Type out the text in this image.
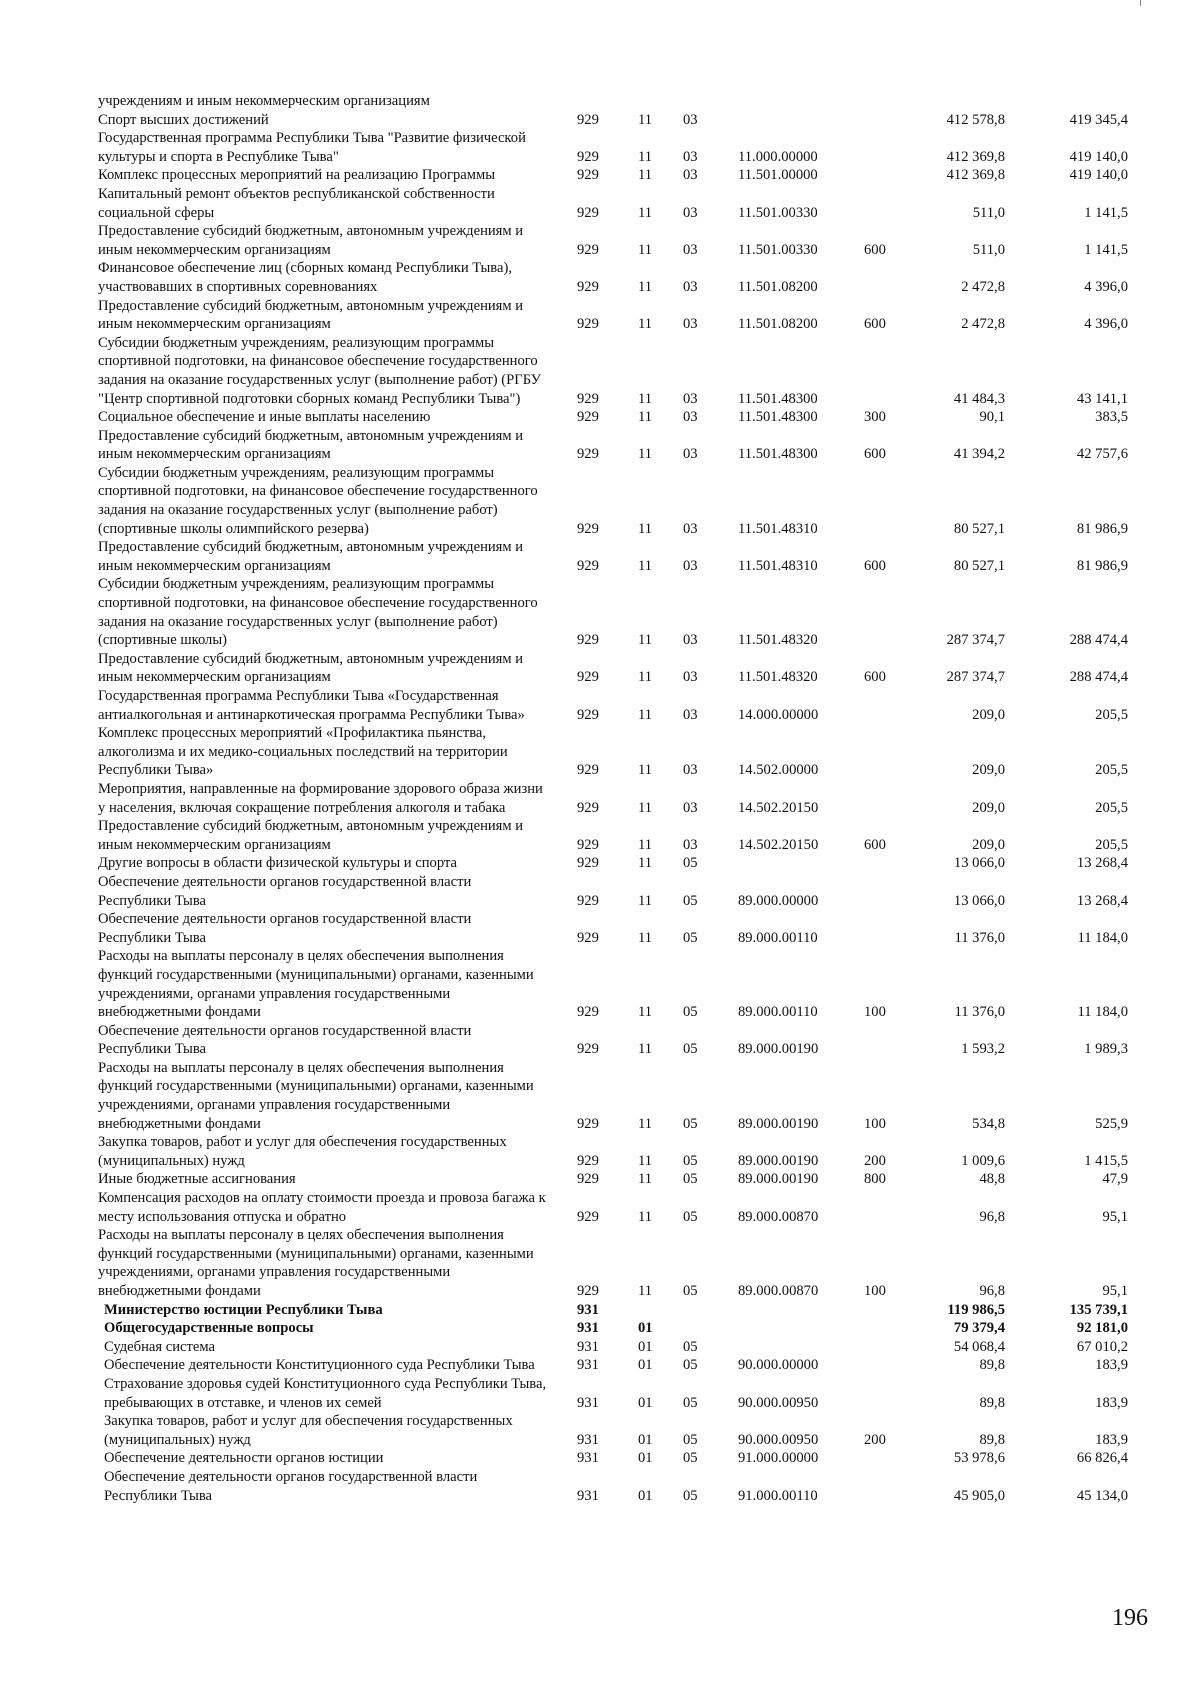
учреждениям и иным некоммерческим организациям
Спорт высших достижений	929	11 03	412 578,8	419 345,4
Государственная программа Республики Тыва "Развитие физической культуры и спорта в Республике Тыва"	929	11 03	11.000.00000	412 369,8	419 140,0
Комплекс процессных мероприятий на реализацию Программы	929	11 03	11.501.00000	412 369,8	419 140,0
Капитальный ремонт объектов республиканской собственности социальной сферы	929	11 03	11.501.00330	511,0	1 141,5
Предоставление субсидий бюджетным, автономным учреждениям и иным некоммерческим организациям	929	11 03	11.501.00330	600	511,0	1 141,5
Финансовое обеспечение лиц (сборных команд Республики Тыва), участвовавших в спортивных соревнованиях	929	11 03	11.501.08200	2 472,8	4 396,0
Предоставление субсидий бюджетным, автономным учреждениям и иным некоммерческим организациям	929	11 03	11.501.08200	600	2 472,8	4 396,0
Субсидии бюджетным учреждениям, реализующим программы спортивной подготовки, на финансовое обеспечение государственного задания на оказание государственных услуг (выполнение работ) (РГБУ "Центр спортивной подготовки сборных команд Республики Тыва")	929	11 03	11.501.48300	41 484,3	43 141,1
Социальное обеспечение и иные выплаты населению	929	11 03	11.501.48300	300	90,1	383,5
Предоставление субсидий бюджетным, автономным учреждениям и иным некоммерческим организациям	929	11 03	11.501.48300	600	41 394,2	42 757,6
Субсидии бюджетным учреждениям, реализующим программы спортивной подготовки, на финансовое обеспечение государственного задания на оказание государственных услуг (выполнение работ) (спортивные школы олимпийского резерва)	929	11 03	11.501.48310	80 527,1	81 986,9
Предоставление субсидий бюджетным, автономным учреждениям и иным некоммерческим организациям	929	11 03	11.501.48310	600	80 527,1	81 986,9
Субсидии бюджетным учреждениям, реализующим программы спортивной подготовки, на финансовое обеспечение государственного задания на оказание государственных услуг (выполнение работ) (спортивные школы)	929	11 03	11.501.48320	287 374,7	288 474,4
Предоставление субсидий бюджетным, автономным учреждениям и иным некоммерческим организациям	929	11 03	11.501.48320	600	287 374,7	288 474,4
Государственная программа Республики Тыва «Государственная антиалкогольная и антинаркотическая программа Республики Тыва»	929	11 03	14.000.00000	209,0	205,5
Комплекс процессных мероприятий «Профилактика пьянства, алкоголизма и их медико-социальных последствий на территории Республики Тыва»	929	11 03	14.502.00000	209,0	205,5
Мероприятия, направленные на формирование здорового образа жизни у населения, включая сокращение потребления алкоголя и табака	929	11 03	14.502.20150	209,0	205,5
Предоставление субсидий бюджетным, автономным учреждениям и иным некоммерческим организациям	929	11 03	14.502.20150	600	209,0	205,5
Другие вопросы в области физической культуры и спорта	929	11 05	13 066,0	13 268,4
Обеспечение деятельности органов государственной власти Республики Тыва	929	11 05	89.000.00000	13 066,0	13 268,4
Обеспечение деятельности органов государственной власти Республики Тыва	929	11 05	89.000.00110	11 376,0	11 184,0
Расходы на выплаты персоналу в целях обеспечения выполнения функций государственными (муниципальными) органами, казенными учреждениями, органами управления государственными внебюджетными фондами	929	11 05	89.000.00110	100	11 376,0	11 184,0
Обеспечение деятельности органов государственной власти Республики Тыва	929	11 05	89.000.00190	1 593,2	1 989,3
Расходы на выплаты персоналу в целях обеспечения выполнения функций государственными (муниципальными) органами, казенными учреждениями, органами управления государственными внебюджетными фондами	929	11 05	89.000.00190	100	534,8	525,9
Закупка товаров, работ и услуг для обеспечения государственных (муниципальных) нужд	929	11 05	89.000.00190	200	1 009,6	1 415,5
Иные бюджетные ассигнования	929	11 05	89.000.00190	800	48,8	47,9
Компенсация расходов на оплату стоимости проезда и провоза багажа к месту использования отпуска и обратно	929	11 05	89.000.00870	96,8	95,1
Расходы на выплаты персоналу в целях обеспечения выполнения функций государственными (муниципальными) органами, казенными учреждениями, органами управления государственными внебюджетными фондами	929	11 05	89.000.00870	100	96,8	95,1
Министерство юстиции Республики Тыва	931	119 986,5	135 739,1
Общегосударственные вопросы	931	01	79 379,4	92 181,0
Судебная система	931	01 05	54 068,4	67 010,2
Обеспечение деятельности Конституционного суда Республики Тыва	931	01 05	90.000.00000	89,8	183,9
Страхование здоровья судей Конституционного суда Республики Тыва, пребывающих в отставке, и членов их семей	931	01 05	90.000.00950	89,8	183,9
Закупка товаров, работ и услуг для обеспечения государственных (муниципальных) нужд	931	01 05	90.000.00950	200	89,8	183,9
Обеспечение деятельности органов юстиции	931	01 05	91.000.00000	53 978,6	66 826,4
Обеспечение деятельности органов государственной власти Республики Тыва	931	01 05	91.000.00110	45 905,0	45 134,0
196
